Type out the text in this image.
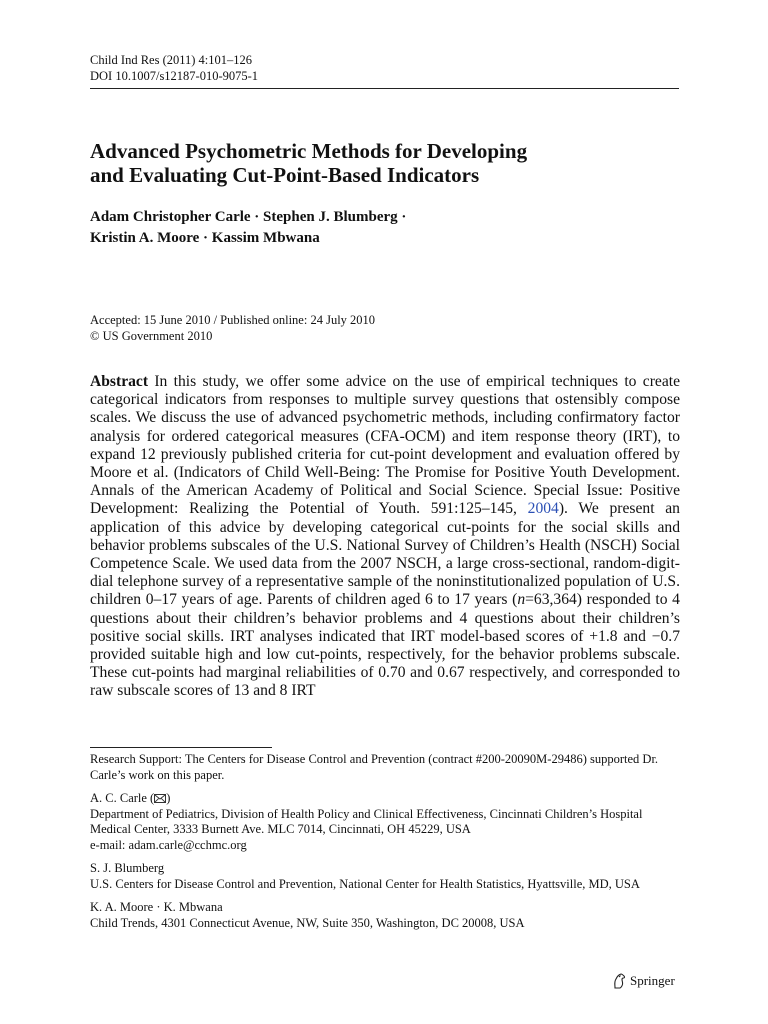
Child Ind Res (2011) 4:101–126
DOI 10.1007/s12187-010-9075-1
Advanced Psychometric Methods for Developing
and Evaluating Cut-Point-Based Indicators
Adam Christopher Carle · Stephen J. Blumberg ·
Kristin A. Moore · Kassim Mbwana
Accepted: 15 June 2010 / Published online: 24 July 2010
© US Government 2010
Abstract In this study, we offer some advice on the use of empirical techniques to create categorical indicators from responses to multiple survey questions that ostensibly compose scales. We discuss the use of advanced psychometric methods, including confirmatory factor analysis for ordered categorical measures (CFA-OCM) and item response theory (IRT), to expand 12 previously published criteria for cut-point development and evaluation offered by Moore et al. (Indicators of Child Well-Being: The Promise for Positive Youth Development. Annals of the American Academy of Political and Social Science. Special Issue: Positive Development: Realizing the Potential of Youth. 591:125–145, 2004). We present an application of this advice by developing categorical cut-points for the social skills and behavior problems subscales of the U.S. National Survey of Children’s Health (NSCH) Social Competence Scale. We used data from the 2007 NSCH, a large cross-sectional, random-digit-dial telephone survey of a representative sample of the noninstitutionalized population of U.S. children 0–17 years of age. Parents of children aged 6 to 17 years (n=63,364) responded to 4 questions about their children’s behavior problems and 4 questions about their children’s positive social skills. IRT analyses indicated that IRT model-based scores of +1.8 and −0.7 provided suitable high and low cut-points, respectively, for the behavior problems subscale. These cut-points had marginal reliabilities of 0.70 and 0.67 respectively, and corresponded to raw subscale scores of 13 and 8 IRT

Research Support: The Centers for Disease Control and Prevention (contract #200-20090M-29486) supported Dr. Carle’s work on this paper.

A. C. Carle ( )
Department of Pediatrics, Division of Health Policy and Clinical Effectiveness, Cincinnati Children’s Hospital Medical Center, 3333 Burnett Ave. MLC 7014, Cincinnati, OH 45229, USA
e-mail: adam.carle@cchmc.org

S. J. Blumberg
U.S. Centers for Disease Control and Prevention, National Center for Health Statistics, Hyattsville, MD, USA

K. A. Moore · K. Mbwana
Child Trends, 4301 Connecticut Avenue, NW, Suite 350, Washington, DC 20008, USA

Springer
